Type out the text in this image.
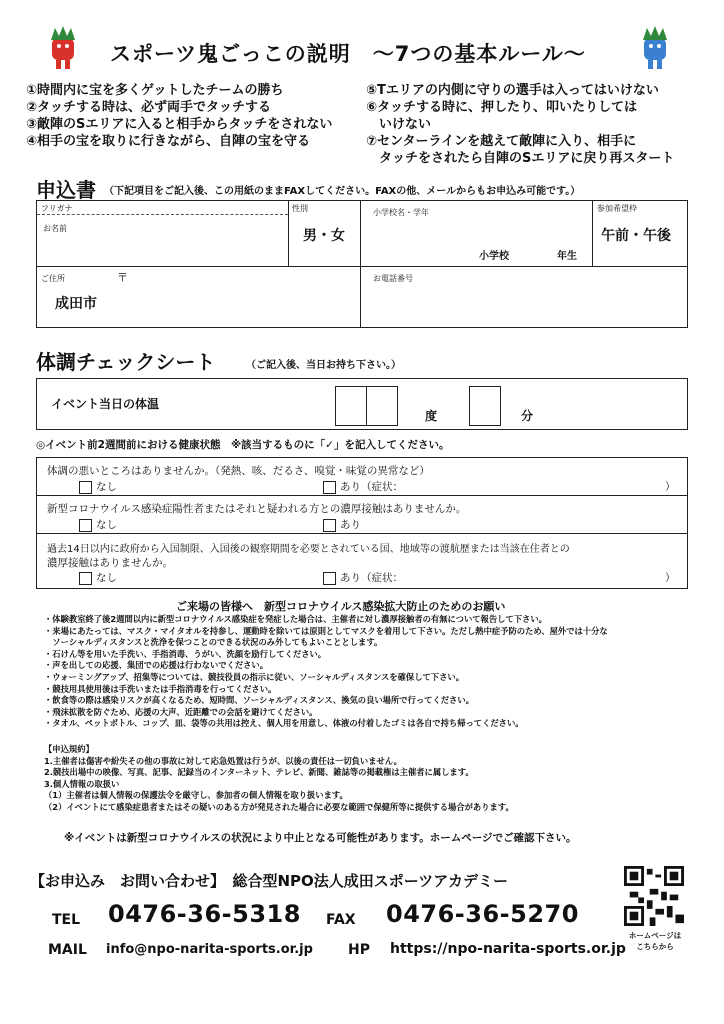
スポーツ鬼ごっこの説明　～7つの基本ルール～
①時間内に宝を多くゲットしたチームの勝ち
②タッチする時は、必ず両手でタッチする
③敵陣のSエリアに入ると相手からタッチをされない
④相手の宝を取りに行きながら、自陣の宝を守る
⑤Tエリアの内側に守りの選手は入ってはいけない
⑥タッチする時に、押したり、叩いたりしては
　いけない
⑦センターラインを越えて敵陣に入り、相手に
　タッチをされたら自陣のSエリアに戻り再スタート
申込書 （下記項目をご記入後、この用紙のままFAXしてください。FAXの他、メールからもお申込み可能です。）
フリガナ
お名前
性別
男・女
小学校名・学年
小学校	年生
参加希望枠
午前・午後
ご住所	〒
成田市
お電話番号
体調チェックシート	（ご記入後、当日お持ち下さい。）
イベント当日の体温
度	分
◎イベント前2週間前における健康状態　※該当するものに「✓」を記入してください。
体調の悪いところはありませんか。（発熱、咳、だるさ、嗅覚・味覚の異常など）
なし	あり（症状：	）
新型コロナウイルス感染症陽性者またはそれと疑われる方との濃厚接触はありませんか。
なし	あり
過去14日以内に政府から入国制限、入国後の観察期間を必要とされている国、地域等の渡航歴または当該在住者との
濃厚接触はありませんか。
なし	あり（症状：	）
ご来場の皆様へ　新型コロナウイルス感染拡大防止のためのお願い
・体験教室終了後2週間以内に新型コロナウイルス感染症を発症した場合は、主催者に対し濃厚接触者の有無について報告して下さい。
・来場にあたっては、マスク・マイタオルを持参し、運動時を除いては原則としてマスクを着用して下さい。ただし熱中症予防のため、屋外では十分な
　ソーシャルディスタンスと洗浄を保つことのできる状況のみ外してもよいこととします。
・石けん等を用いた手洗い、手指消毒、うがい、洗顔を励行してください。
・声を出しての応援、集団での応援は行わないでください。
・ウォーミングアップ、招集等については、競技役員の指示に従い、ソーシャルディスタンスを確保して下さい。
・競技用具使用後は手洗いまたは手指消毒を行ってください。
・飲食等の際は感染リスクが高くなるため、短時間、ソーシャルディスタンス、換気の良い場所で行ってください。
・飛沫拡散を防ぐため、応援の大声、近距離での会話を避けてください。
・タオル、ペットボトル、コップ、皿、袋等の共用は控え、個人用を用意し、体液の付着したゴミは各自で持ち帰ってください。
【申込規約】
1.主催者は傷害や紛失その他の事故に対して応急処置は行うが、以後の責任は一切負いません。
2.競技出場中の映像、写真、記事、記録当のインターネット、テレビ、新聞、雑誌等の掲載権は主催者に属します。
3.個人情報の取扱い
（1）主催者は個人情報の保護法令を厳守し、参加者の個人情報を取り扱います。
（2）イベントにて感染症患者またはその疑いのある方が発見された場合に必要な範囲で保健所等に提供する場合があります。
※イベントは新型コロナウイルスの状況により中止となる可能性があります。ホームページでご確認下さい。
【お申込み　お問い合わせ】　総合型NPO法人成田スポーツアカデミー
TEL 0476-36-5318 FAX 0476-36-5270
MAIL info@npo-narita-sports.or.jp	HP https://npo-narita-sports.or.jp
ホームページは
こちらから
